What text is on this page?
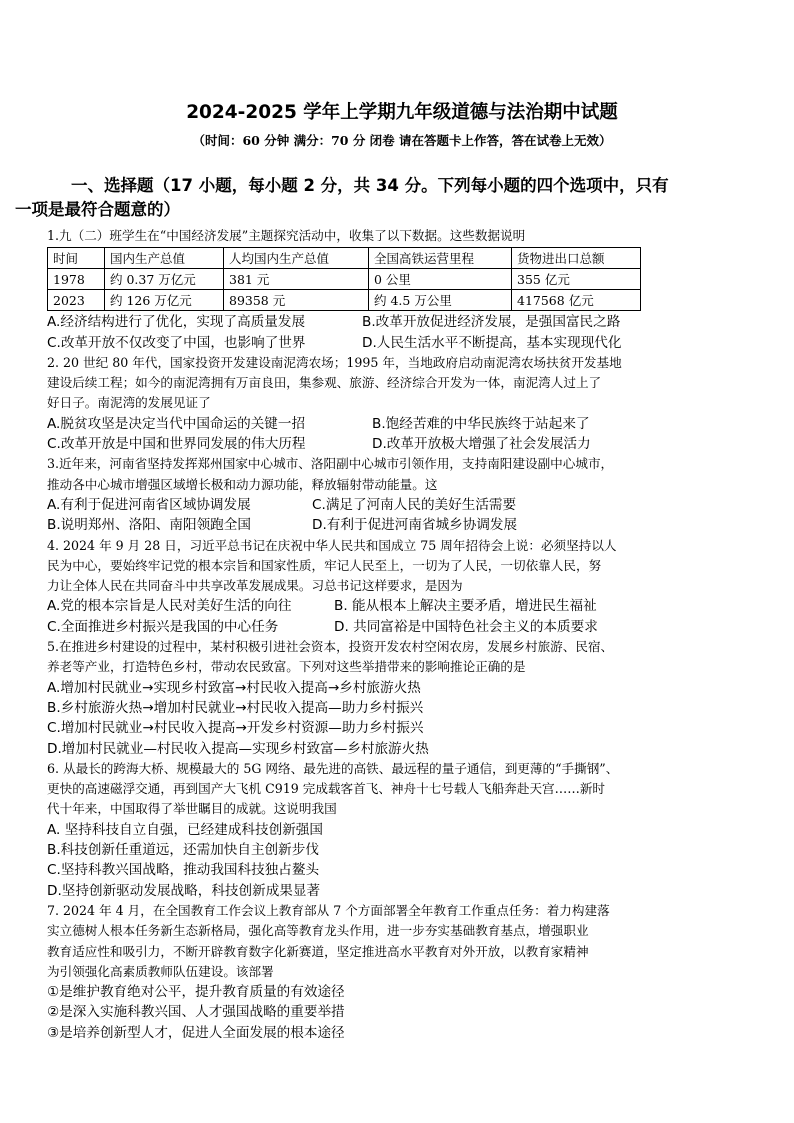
2024-2025 学年上学期九年级道德与法治期中试题
（时间：60 分钟 满分：70 分 闭卷 请在答题卡上作答，答在试卷上无效）
一、选择题（17 小题，每小题 2 分，共 34 分。下列每小题的四个选项中，只有
一项是最符合题意的）
1.九（二）班学生在“中国经济发展”主题探究活动中，收集了以下数据。这些数据说明
时间	国内生产总值	人均国内生产总值	全国高铁运营里程	货物进出口总额
1978	约 0.37 万亿元	381 元	0 公里	355 亿元
2023	约 126 万亿元	89358 元	约 4.5 万公里	417568 亿元
A.经济结构进行了优化，实现了高质量发展	B.改革开放促进经济发展，是强国富民之路
C.改革开放不仅改变了中国，也影响了世界	D.人民生活水平不断提高，基本实现现代化
2. 20 世纪 80 年代，国家投资开发建设南泥湾农场；1995 年，当地政府启动南泥湾农场扶贫开发基地
建设后续工程；如今的南泥湾拥有万亩良田，集参观、旅游、经济综合开发为一体，南泥湾人过上了
好日子。南泥湾的发展见证了
A.脱贫攻坚是决定当代中国命运的关键一招	B.饱经苦难的中华民族终于站起来了
C.改革开放是中国和世界同发展的伟大历程	D.改革开放极大增强了社会发展活力
3.近年来，河南省坚持发挥郑州国家中心城市、洛阳副中心城市引领作用，支持南阳建设副中心城市，
推动各中心城市增强区域增长极和动力源功能，释放辐射带动能量。这
A.有利于促进河南省区域协调发展	C.满足了河南人民的美好生活需要
B.说明郑州、洛阳、南阳领跑全国	D.有利于促进河南省城乡协调发展
4. 2024 年 9 月 28 日，习近平总书记在庆祝中华人民共和国成立 75 周年招待会上说：必须坚持以人
民为中心，要始终牢记党的根本宗旨和国家性质，牢记人民至上，一切为了人民，一切依靠人民，努
力让全体人民在共同奋斗中共享改革发展成果。习总书记这样要求，是因为
A.党的根本宗旨是人民对美好生活的向往	B. 能从根本上解决主要矛盾，增进民生福祉
C.全面推进乡村振兴是我国的中心任务	D. 共同富裕是中国特色社会主义的本质要求
5.在推进乡村建设的过程中，某村积极引进社会资本，投资开发农村空闲农房，发展乡村旅游、民宿、
养老等产业，打造特色乡村，带动农民致富。下列对这些举措带来的影响推论正确的是
A.增加村民就业→实现乡村致富→村民收入提高→乡村旅游火热
B.乡村旅游火热→增加村民就业→村民收入提高—助力乡村振兴
C.增加村民就业→村民收入提高→开发乡村资源—助力乡村振兴
D.增加村民就业—村民收入提高—实现乡村致富—乡村旅游火热
6. 从最长的跨海大桥、规模最大的 5G 网络、最先进的高铁、最远程的量子通信，到更薄的“手撕钢”、
更快的高速磁浮交通，再到国产大飞机 C919 完成载客首飞、神舟十七号载人飞船奔赴天宫……新时
代十年来，中国取得了举世瞩目的成就。这说明我国
A. 坚持科技自立自强，已经建成科技创新强国
B.科技创新任重道远，还需加快自主创新步伐
C.坚持科教兴国战略，推动我国科技独占鳌头
D.坚持创新驱动发展战略，科技创新成果显著
7. 2024 年 4 月，在全国教育工作会议上教育部从 7 个方面部署全年教育工作重点任务：着力构建落
实立德树人根本任务新生态新格局，强化高等教育龙头作用，进一步夯实基础教育基点，增强职业
教育适应性和吸引力，不断开辟教育数字化新赛道，坚定推进高水平教育对外开放，以教育家精神
为引领强化高素质教师队伍建设。该部署
①是维护教育绝对公平，提升教育质量的有效途径
②是深入实施科教兴国、人才强国战略的重要举措
③是培养创新型人才，促进人全面发展的根本途径
